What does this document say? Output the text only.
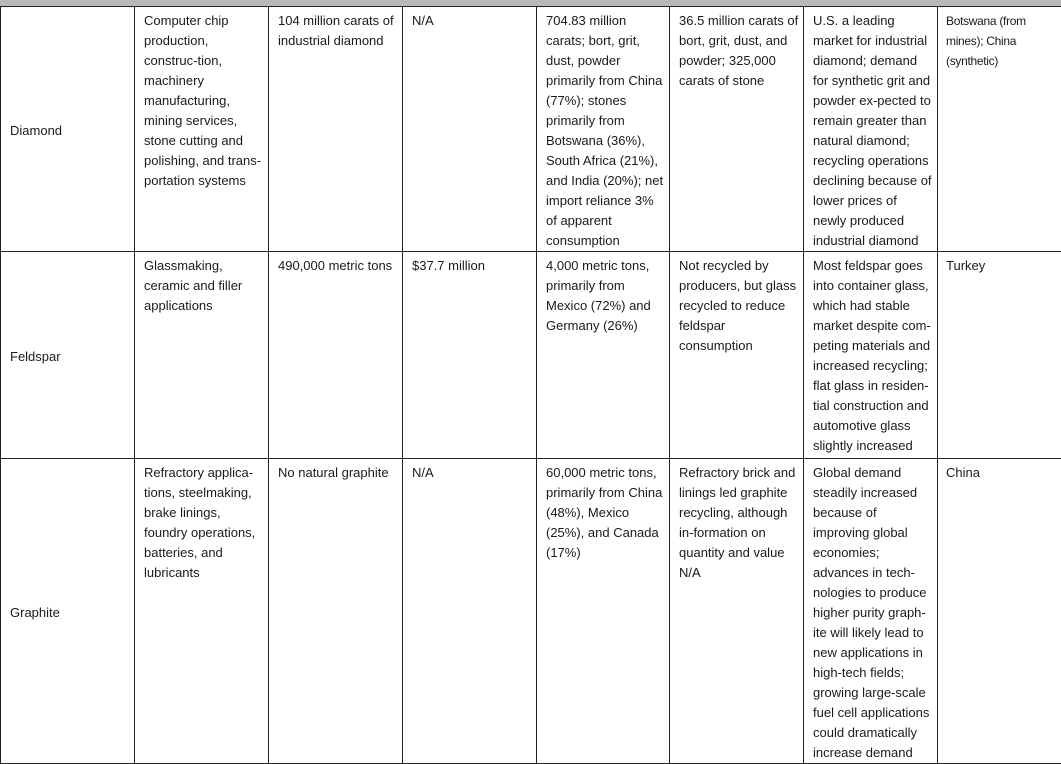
Diamond	Computer chip production, construc-tion, machinery manufacturing, mining services, stone cutting and polishing, and trans-portation systems	104 million carats of industrial diamond	N/A	704.83 million carats; bort, grit, dust, powder primarily from China (77%); stones primarily from Botswana (36%), South Africa (21%), and India (20%); net import reliance 3% of apparent consumption	36.5 million carats of bort, grit, dust, and powder; 325,000 carats of stone	U.S. a leading market for industrial diamond; demand for synthetic grit and powder ex-pected to remain greater than natural diamond; recycling operations declining because of lower prices of newly produced industrial diamond	Botswana (from mines); China (synthetic)
Feldspar	Glassmaking, ceramic and filler applications	490,000 metric tons	$37.7 million	4,000 metric tons, primarily from Mexico (72%) and Germany (26%)	Not recycled by producers, but glass recycled to reduce feldspar consumption	Most feldspar goes into container glass, which had stable market despite com-peting materials and increased recycling; flat glass in residen-tial construction and automotive glass slightly increased	Turkey
Graphite	Refractory applica-tions, steelmaking, brake linings, foundry operations, batteries, and lubricants	No natural graphite	N/A	60,000 metric tons, primarily from China (48%), Mexico (25%), and Canada (17%)	Refractory brick and linings led graphite recycling, although in-formation on quantity and value N/A	Global demand steadily increased because of improving global economies; advances in tech-nologies to produce higher purity graph-ite will likely lead to new applications in high-tech fields; growing large-scale fuel cell applications could dramatically increase demand	China
